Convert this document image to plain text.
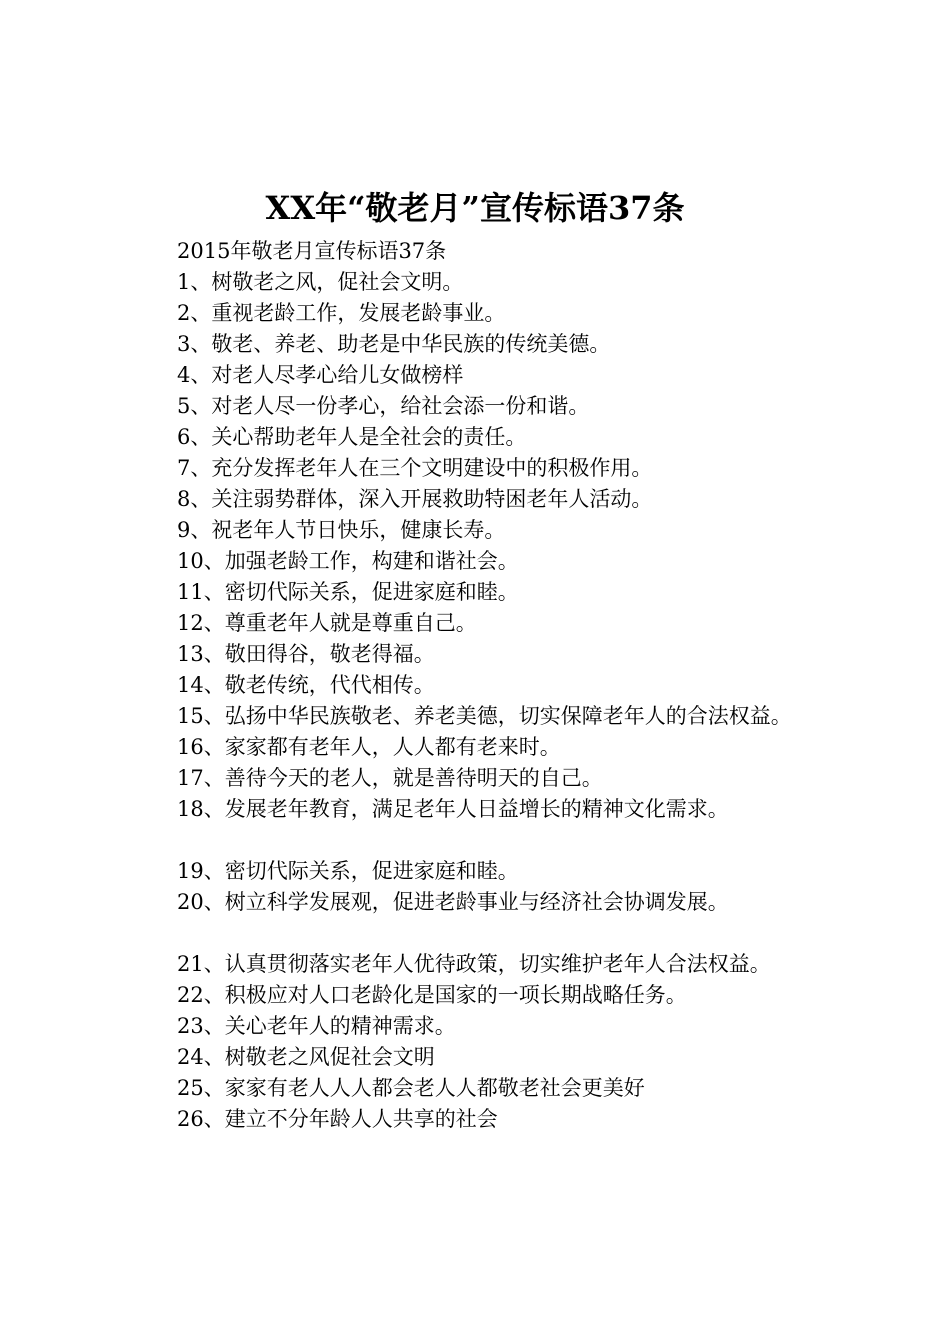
XX年“敬老月”宣传标语37条

2015年敬老月宣传标语37条

1、树敬老之风，促社会文明。

2、重视老龄工作，发展老龄事业。

3、敬老、养老、助老是中华民族的传统美德。

4、对老人尽孝心给儿女做榜样

5、对老人尽一份孝心，给社会添一份和谐。

6、关心帮助老年人是全社会的责任。

7、充分发挥老年人在三个文明建设中的积极作用。

8、关注弱势群体，深入开展救助特困老年人活动。

9、祝老年人节日快乐，健康长寿。

10、加强老龄工作，构建和谐社会。

11、密切代际关系，促进家庭和睦。

12、尊重老年人就是尊重自己。

13、敬田得谷，敬老得福。

14、敬老传统，代代相传。

15、弘扬中华民族敬老、养老美德，切实保障老年人的合法权益。

16、家家都有老年人，人人都有老来时。

17、善待今天的老人，就是善待明天的自己。

18、发展老年教育，满足老年人日益增长的精神文化需求。

19、密切代际关系，促进家庭和睦。

20、树立科学发展观，促进老龄事业与经济社会协调发展。

21、认真贯彻落实老年人优待政策，切实维护老年人合法权益。

22、积极应对人口老龄化是国家的一项长期战略任务。

23、关心老年人的精神需求。

24、树敬老之风促社会文明

25、家家有老人人人都会老人人都敬老社会更美好

26、建立不分年龄人人共享的社会
